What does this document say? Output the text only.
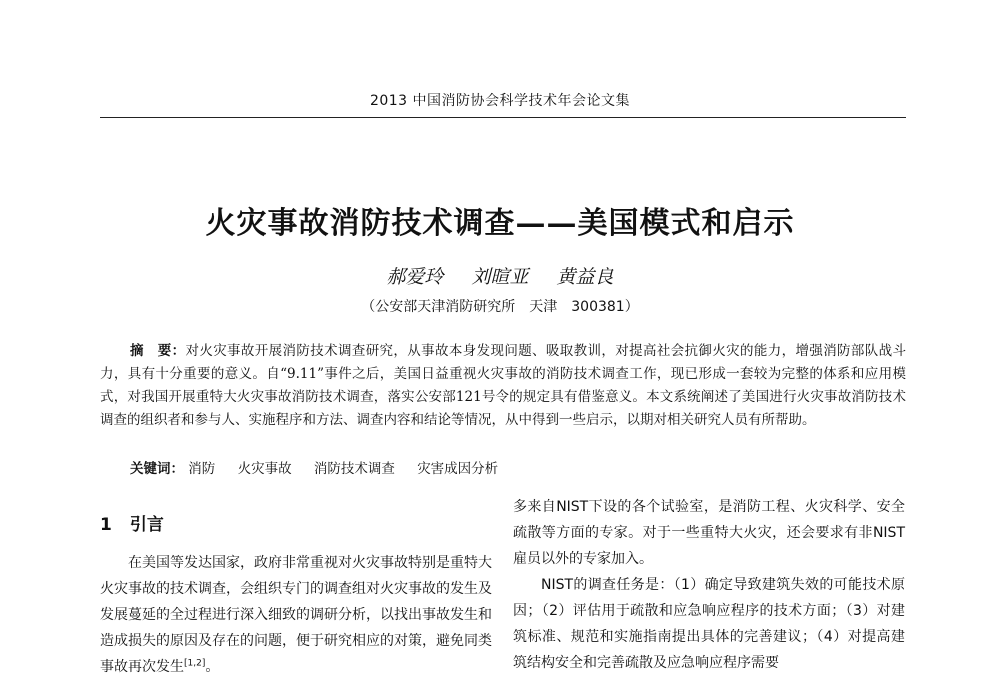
2013 中国消防协会科学技术年会论文集
火灾事故消防技术调查——美国模式和启示
郝爱玲 刘暄亚 黄益良
（公安部天津消防研究所　天津　300381）
摘　要：对火灾事故开展消防技术调查研究，从事故本身发现问题、吸取教训，对提高社会抗御火灾的能力，增强消防部队战斗力，具有十分重要的意义。自“9.11”事件之后，美国日益重视火灾事故的消防技术调查工作，现已形成一套较为完整的体系和应用模式，对我国开展重特大火灾事故消防技术调查，落实公安部121号令的规定具有借鉴意义。本文系统阐述了美国进行火灾事故消防技术调查的组织者和参与人、实施程序和方法、调查内容和结论等情况，从中得到一些启示，以期对相关研究人员有所帮助。
关键词： 消防 火灾事故 消防技术调查 灾害成因分析
1 引言
在美国等发达国家，政府非常重视对火灾事故特别是重特大火灾事故的技术调查，会组织专门的调查组对火灾事故的发生及发展蔓延的全过程进行深入细致的调研分析，以找出事故发生和造成损失的原因及存在的问题，便于研究相应的对策，避免同类事故再次发生[1,2]。
多来自NIST下设的各个试验室，是消防工程、火灾科学、安全疏散等方面的专家。对于一些重特大火灾，还会要求有非NIST雇员以外的专家加入。
NIST的调查任务是：（1）确定导致建筑失效的可能技术原因；（2）评估用于疏散和应急响应程序的技术方面；（3）对建筑标准、规范和实施指南提出具体的完善建议；（4）对提高建筑结构安全和完善疏散及应急响应程序需要
